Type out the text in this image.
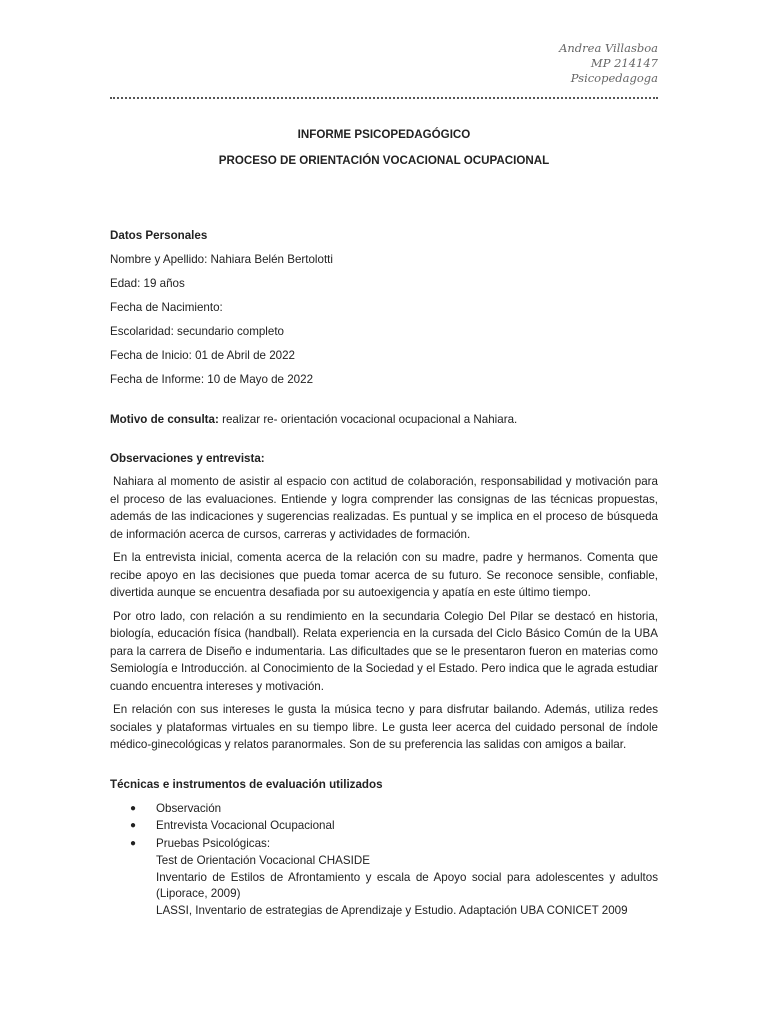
Andrea Villasboa
MP 214147
Psicopedagoga
INFORME PSICOPEDAGÓGICO
PROCESO DE ORIENTACIÓN VOCACIONAL OCUPACIONAL
Datos Personales
Nombre y Apellido: Nahiara Belén Bertolotti
Edad: 19 años
Fecha de Nacimiento:
Escolaridad: secundario completo
Fecha de Inicio: 01 de Abril de 2022
Fecha de Informe: 10 de Mayo de 2022
Motivo de consulta: realizar re- orientación vocacional ocupacional a Nahiara.
Observaciones y entrevista:

Nahiara al momento de asistir al espacio con actitud de colaboración, responsabilidad y motivación para el proceso de las evaluaciones. Entiende y logra comprender las consignas de las técnicas propuestas, además de las indicaciones y sugerencias realizadas. Es puntual y se implica en el proceso de búsqueda de información acerca de cursos, carreras y actividades de formación.

En la entrevista inicial, comenta acerca de la relación con su madre, padre y hermanos. Comenta que recibe apoyo en las decisiones que pueda tomar acerca de su futuro. Se reconoce sensible, confiable, divertida aunque se encuentra desafiada por su autoexigencia y apatía en este último tiempo.

Por otro lado, con relación a su rendimiento en la secundaria Colegio Del Pilar se destacó en historia, biología, educación física (handball). Relata experiencia en la cursada del Ciclo Básico Común de la UBA para la carrera de Diseño e indumentaria. Las dificultades que se le presentaron fueron en materias como Semiología e Introducción. al Conocimiento de la Sociedad y el Estado. Pero indica que le agrada estudiar cuando encuentra intereses y motivación.

En relación con sus intereses le gusta la música tecno y para disfrutar bailando. Además, utiliza redes sociales y plataformas virtuales en su tiempo libre. Le gusta leer acerca del cuidado personal de índole médico-ginecológicas y relatos paranormales. Son de su preferencia las salidas con amigos a bailar.

Técnicas e instrumentos de evaluación utilizados
● Observación
● Entrevista Vocacional Ocupacional
● Pruebas Psicológicas:
Test de Orientación Vocacional CHASIDE
Inventario de Estilos de Afrontamiento y escala de Apoyo social para adolescentes y adultos (Liporace, 2009)
LASSI, Inventario de estrategias de Aprendizaje y Estudio. Adaptación UBA CONICET 2009
